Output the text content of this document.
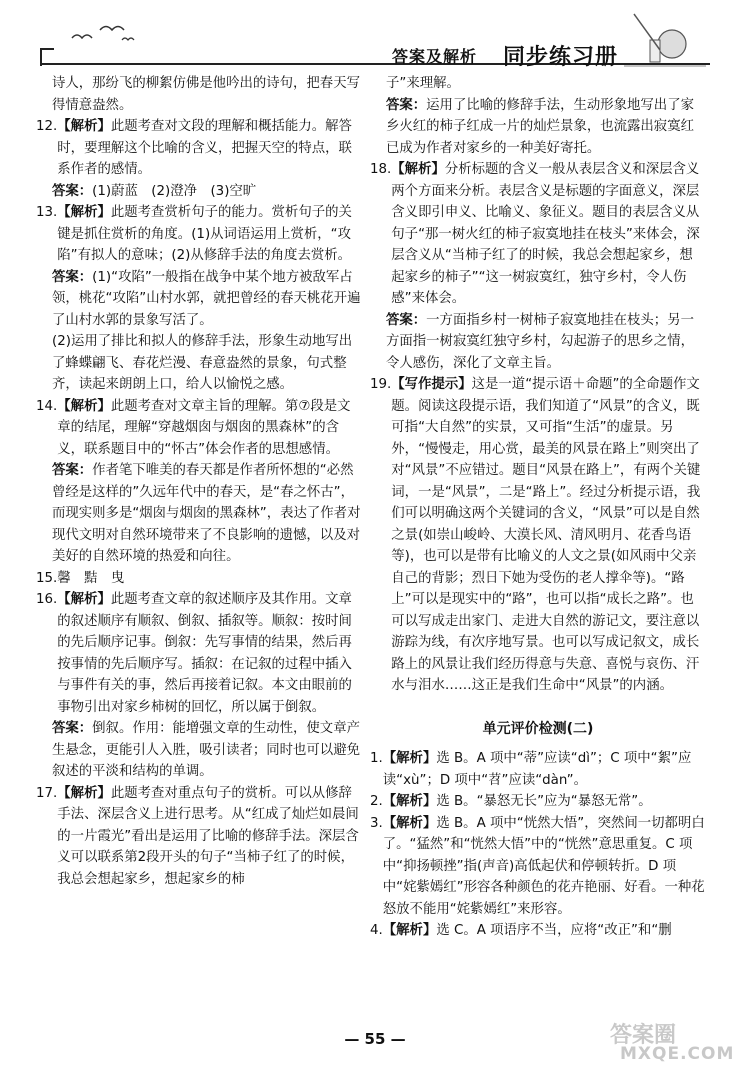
答案及解析 同步练习册
诗人，那纷飞的柳絮仿佛是他吟出的诗句，把春天写得情意盎然。
12. 【解析】此题考查对文段的理解和概括能力。解答时，要理解这个比喻的含义，把握天空的特点，联系作者的感情。
答案：(1)蔚蓝　(2)澄净　(3)空旷
13. 【解析】此题考查赏析句子的能力。赏析句子的关键是抓住赏析的角度。(1)从词语运用上赏析，“攻陷”有拟人的意味；(2)从修辞手法的角度去赏析。
答案：(1)“攻陷”一般指在战争中某个地方被敌军占领，桃花“攻陷”山村水郭，就把曾经的春天桃花开遍了山村水郭的景象写活了。
(2)运用了排比和拟人的修辞手法，形象生动地写出了蜂蝶翩飞、春花烂漫、春意盎然的景象，句式整齐，读起来朗朗上口，给人以愉悦之感。
14. 【解析】此题考查对文章主旨的理解。第⑦段是文章的结尾，理解“穿越烟囱与烟囱的黑森林”的含义，联系题目中的“怀古”体会作者的思想感情。
答案：作者笔下唯美的春天都是作者所怀想的“必然曾经是这样的”久远年代中的春天，是“春之怀古”，而现实则多是“烟囱与烟囱的黑森林”，表达了作者对现代文明对自然环境带来了不良影响的遗憾，以及对美好的自然环境的热爱和向往。
15. 馨　黠　曳
16. 【解析】此题考查文章的叙述顺序及其作用。文章的叙述顺序有顺叙、倒叙、插叙等。顺叙：按时间的先后顺序记事。倒叙：先写事情的结果，然后再按事情的先后顺序写。插叙：在记叙的过程中插入与事件有关的事，然后再接着记叙。本文由眼前的事物引出对家乡柿树的回忆，所以属于倒叙。
答案：倒叙。作用：能增强文章的生动性，使文章产生悬念，更能引人入胜，吸引读者；同时也可以避免叙述的平淡和结构的单调。
17. 【解析】此题考查对重点句子的赏析。可以从修辞手法、深层含义上进行思考。从“红成了灿烂如晨间的一片霞光”看出是运用了比喻的修辞手法。深层含义可以联系第2段开头的句子“当柿子红了的时候，我总会想起家乡，想起家乡的柿
子”来理解。
答案：运用了比喻的修辞手法，生动形象地写出了家乡火红的柿子红成一片的灿烂景象，也流露出寂寞红已成为作者对家乡的一种美好寄托。
18. 【解析】分析标题的含义一般从表层含义和深层含义两个方面来分析。表层含义是标题的字面意义，深层含义即引申义、比喻义、象征义。题目的表层含义从句子“那一树火红的柿子寂寞地挂在枝头”来体会，深层含义从“当柿子红了的时候，我总会想起家乡，想起家乡的柿子”“这一树寂寞红，独守乡村，令人伤感”来体会。
答案：一方面指乡村一树柿子寂寞地挂在枝头；另一方面指一树寂寞红独守乡村，勾起游子的思乡之情，令人感伤，深化了文章主旨。
19. 【写作提示】这是一道“提示语＋命题”的全命题作文题。阅读这段提示语，我们知道了“风景”的含义，既可指“大自然”的实景，又可指“生活”的虚景。另外，“慢慢走，用心赏，最美的风景在路上”则突出了对“风景”不应错过。题目“风景在路上”，有两个关键词，一是“风景”，二是“路上”。经过分析提示语，我们可以明确这两个关键词的含义，“风景”可以是自然之景(如崇山峻岭、大漠长风、清风明月、花香鸟语等)，也可以是带有比喻义的人文之景(如风雨中父亲自己的背影；烈日下她为受伤的老人撑伞等)。“路上”可以是现实中的“路”，也可以指“成长之路”。也可以写成走出家门、走进大自然的游记文，要注意以游踪为线，有次序地写景。也可以写成记叙文，成长路上的风景让我们经历得意与失意、喜悦与哀伤、汗水与泪水……这正是我们生命中“风景”的内涵。
单元评价检测(二)
1. 【解析】选 B。A 项中“蒂”应读“dì”；C 项中“絮”应读“xù”；D 项中“苕”应读“dàn”。
2. 【解析】选 B。“暴怒无长”应为“暴怒无常”。
3. 【解析】选 B。A 项中“恍然大悟”，突然间一切都明白了。“猛然”和“恍然大悟”中的“恍然”意思重复。C 项中“抑扬顿挫”指(声音)高低起伏和停顿转折。D 项中“姹紫嫣红”形容各种颜色的花卉艳丽、好看。一种花怒放不能用“姹紫嫣红”来形容。
4. 【解析】选 C。A 项语序不当，应将“改正”和“删
— 55 —	答案圈
MXQE.COM
